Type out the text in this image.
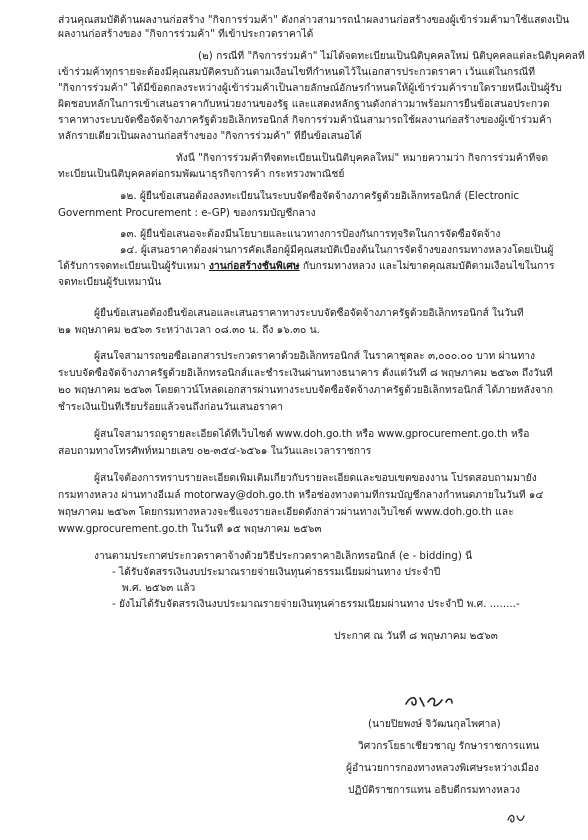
ส่วนคุณสมบัติด้านผลงานก่อสร้าง "กิจการร่วมค้า" ดังกล่าวสามารถนำผลงานก่อสร้างของผู้เข้าร่วมค้ามาใช้แสดงเป็น
ผลงานก่อสร้างของ "กิจการร่วมค้า" ที่เข้าประกวดราคาได้
(๒) กรณีที่ "กิจการร่วมค้า" ไม่ได้จดทะเบียนเป็นนิติบุคคลใหม่ นิติบุคคลแต่ละนิติบุคคลที่
เข้าร่วมค้าทุกรายจะต้องมีคุณสมบัติครบถ้วนตามเงื่อนไขที่กำหนดไว้ในเอกสารประกวดราคา เว้นแต่ในกรณีที่
"กิจการร่วมค้า" ได้มีข้อตกลงระหว่างผู้เข้าร่วมค้าเป็นลายลักษณ์อักษรกำหนดให้ผู้เข้าร่วมค้ารายใดรายหนึ่งเป็นผู้รับ
ผิดชอบหลักในการเข้าเสนอราคากับหน่วยงานของรัฐ และแสดงหลักฐานดังกล่าวมาพร้อมการยื่นข้อเสนอประกวด
ราคาทางระบบจัดซื้อจัดจ้างภาครัฐด้วยอิเล็กทรอนิกส์ กิจการร่วมค้านั้นสามารถใช้ผลงานก่อสร้างของผู้เข้าร่วมค้า
หลักรายเดียวเป็นผลงานก่อสร้างของ "กิจการร่วมค้า" ที่ยื่นข้อเสนอได้
ทั้งนี้ "กิจการร่วมค้าที่จดทะเบียนเป็นนิติบุคคลใหม่" หมายความว่า กิจการร่วมค้าที่จด
ทะเบียนเป็นนิติบุคคลต่อกรมพัฒนาธุรกิจการค้า กระทรวงพาณิชย์
๑๒. ผู้ยื่นข้อเสนอต้องลงทะเบียนในระบบจัดซื้อจัดจ้างภาครัฐด้วยอิเล็กทรอนิกส์ (Electronic
Government Procurement : e-GP) ของกรมบัญชีกลาง
๑๓. ผู้ยื่นข้อเสนอจะต้องมีนโยบายและแนวทางการป้องกันการทุจริตในการจัดซื้อจัดจ้าง
๑๔. ผู้เสนอราคาต้องผ่านการคัดเลือกผู้มีคุณสมบัติเบื้องต้นในการจัดจ้างของกรมทางหลวงโดยเป็นผู้
ได้รับการจดทะเบียนเป็นผู้รับเหมา งานก่อสร้างชั้นพิเศษ กับกรมทางหลวง และไม่ขาดคุณสมบัติตามเงื่อนไขในการ
จดทะเบียนผู้รับเหมานั้น
ผู้ยื่นข้อเสนอต้องยื่นข้อเสนอและเสนอราคาทางระบบจัดซื้อจัดจ้างภาครัฐด้วยอิเล็กทรอนิกส์ ในวันที่
๒๑ พฤษภาคม ๒๕๖๓ ระหว่างเวลา ๐๘.๓๐ น. ถึง ๑๖.๓๐ น.
ผู้สนใจสามารถขอซื้อเอกสารประกวดราคาด้วยอิเล็กทรอนิกส์ ในราคาชุดละ ๓,๐๐๐.๐๐ บาท ผ่านทาง
ระบบจัดซื้อจัดจ้างภาครัฐด้วยอิเล็กทรอนิกส์และชำระเงินผ่านทางธนาคาร ตั้งแต่วันที่ ๘ พฤษภาคม ๒๕๖๓ ถึงวันที่
๒๐ พฤษภาคม ๒๕๖๓ โดยดาวน์โหลดเอกสารผ่านทางระบบจัดซื้อจัดจ้างภาครัฐด้วยอิเล็กทรอนิกส์ ได้ภายหลังจาก
ชำระเงินเป็นที่เรียบร้อยแล้วจนถึงก่อนวันเสนอราคา
ผู้สนใจสามารถดูรายละเอียดได้ที่เว็บไซต์ www.doh.go.th หรือ www.gprocurement.go.th หรือ
สอบถามทางโทรศัพท์หมายเลข ๐๒-๓๕๔-๖๕๖๑ ในวันและเวลาราชการ
ผู้สนใจต้องการทราบรายละเอียดเพิ่มเติมเกี่ยวกับรายละเอียดและขอบเขตของงาน โปรดสอบถามมายัง
กรมทางหลวง ผ่านทางอีเมล์ motorway@doh.go.th หรือช่องทางตามที่กรมบัญชีกลางกำหนดภายในวันที่ ๑๔
พฤษภาคม ๒๕๖๓ โดยกรมทางหลวงจะชี้แจงรายละเอียดดังกล่าวผ่านทางเว็บไซต์ www.doh.go.th และ
www.gprocurement.go.th ในวันที่ ๑๕ พฤษภาคม ๒๕๖๓
งานตามประกาศประกวดราคาจ้างด้วยวิธีประกวดราคาอิเล็กทรอนิกส์ (e - bidding) นี้
- ได้รับจัดสรรเงินงบประมาณรายจ่ายเงินทุนค่าธรรมเนียมผ่านทาง ประจำปี
พ.ศ. ๒๕๖๓ แล้ว
- ยังไม่ได้รับจัดสรรเงินงบประมาณรายจ่ายเงินทุนค่าธรรมเนียมผ่านทาง ประจำปี พ.ศ. ........-
ประกาศ ณ วันที่ ๘ พฤษภาคม ๒๕๖๓
(นายปิยพงษ์ จิวัฒนกุลไพศาล)
วิศวกรโยธาเชี่ยวชาญ รักษาราชการแทน
ผู้อำนวยการกองทางหลวงพิเศษระหว่างเมือง
ปฏิบัติราชการแทน อธิบดีกรมทางหลวง
